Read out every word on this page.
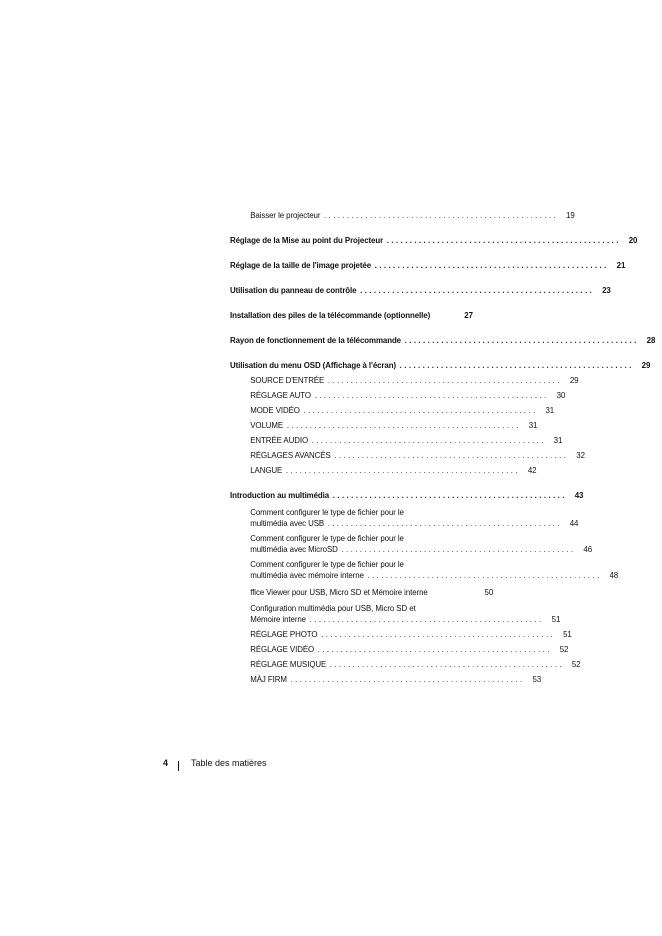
Baisser le projecteur ................................................... 19
Réglage de la Mise au point du Projecteur ................................................... 20
Réglage de la taille de l'image projetée ................................................... 21
Utilisation du panneau de contrôle ................................................... 23
Installation des piles de la télécommande (optionnelle)	27
Rayon de fonctionnement de la télécommande ................................................... 28
Utilisation du menu OSD (Affichage à l'écran) ................................................... 29
SOURCE D'ENTRÉE ................................................... 29
RÉGLAGE AUTO ................................................... 30
MODE VIDÉO ................................................... 31
VOLUME ................................................... 31
ENTRÉE AUDIO ................................................... 31
RÉGLAGES AVANCÉS ................................................... 32
LANGUE ................................................... 42
Introduction au multimédia ................................................... 43
Comment configurer le type de fichier pour le
multimédia avec USB ................................................... 44
Comment configurer le type de fichier pour le
multimédia avec MicroSD ................................................... 46
Comment configurer le type de fichier pour le
multimédia avec mémoire interne ................................................... 48
ffice Viewer pour USB, Micro SD et Mémoire interne	50
Configuration multimédia pour USB, Micro SD et
Mémoire interne ................................................... 51
RÉGLAGE PHOTO ................................................... 51
RÉGLAGE VIDÉO ................................................... 52
RÉGLAGE MUSIQUE ................................................... 52
MÀJ FIRM ................................................... 53
4	Table des matières
